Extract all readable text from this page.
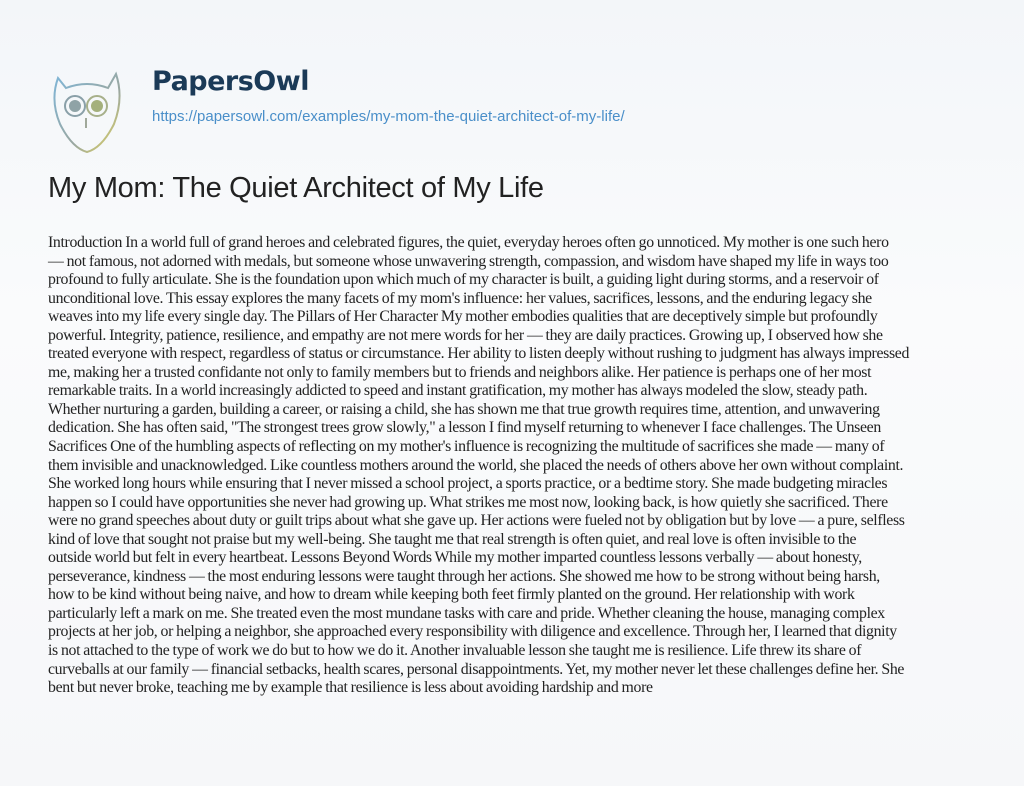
PapersOwl
https://papersowl.com/examples/my-mom-the-quiet-architect-of-my-life/
My Mom: The Quiet Architect of My Life
Introduction In a world full of grand heroes and celebrated figures, the quiet, everyday heroes often go unnoticed. My mother is one such hero
— not famous, not adorned with medals, but someone whose unwavering strength, compassion, and wisdom have shaped my life in ways too
profound to fully articulate. She is the foundation upon which much of my character is built, a guiding light during storms, and a reservoir of
unconditional love. This essay explores the many facets of my mom's influence: her values, sacrifices, lessons, and the enduring legacy she
weaves into my life every single day. The Pillars of Her Character My mother embodies qualities that are deceptively simple but profoundly
powerful. Integrity, patience, resilience, and empathy are not mere words for her — they are daily practices. Growing up, I observed how she
treated everyone with respect, regardless of status or circumstance. Her ability to listen deeply without rushing to judgment has always impressed
me, making her a trusted confidante not only to family members but to friends and neighbors alike. Her patience is perhaps one of her most
remarkable traits. In a world increasingly addicted to speed and instant gratification, my mother has always modeled the slow, steady path.
Whether nurturing a garden, building a career, or raising a child, she has shown me that true growth requires time, attention, and unwavering
dedication. She has often said, "The strongest trees grow slowly," a lesson I find myself returning to whenever I face challenges. The Unseen
Sacrifices One of the humbling aspects of reflecting on my mother's influence is recognizing the multitude of sacrifices she made — many of
them invisible and unacknowledged. Like countless mothers around the world, she placed the needs of others above her own without complaint.
She worked long hours while ensuring that I never missed a school project, a sports practice, or a bedtime story. She made budgeting miracles
happen so I could have opportunities she never had growing up. What strikes me most now, looking back, is how quietly she sacrificed. There
were no grand speeches about duty or guilt trips about what she gave up. Her actions were fueled not by obligation but by love — a pure, selfless
kind of love that sought not praise but my well-being. She taught me that real strength is often quiet, and real love is often invisible to the
outside world but felt in every heartbeat. Lessons Beyond Words While my mother imparted countless lessons verbally — about honesty,
perseverance, kindness — the most enduring lessons were taught through her actions. She showed me how to be strong without being harsh,
how to be kind without being naive, and how to dream while keeping both feet firmly planted on the ground. Her relationship with work
particularly left a mark on me. She treated even the most mundane tasks with care and pride. Whether cleaning the house, managing complex
projects at her job, or helping a neighbor, she approached every responsibility with diligence and excellence. Through her, I learned that dignity
is not attached to the type of work we do but to how we do it. Another invaluable lesson she taught me is resilience. Life threw its share of
curveballs at our family — financial setbacks, health scares, personal disappointments. Yet, my mother never let these challenges define her. She
bent but never broke, teaching me by example that resilience is less about avoiding hardship and more
